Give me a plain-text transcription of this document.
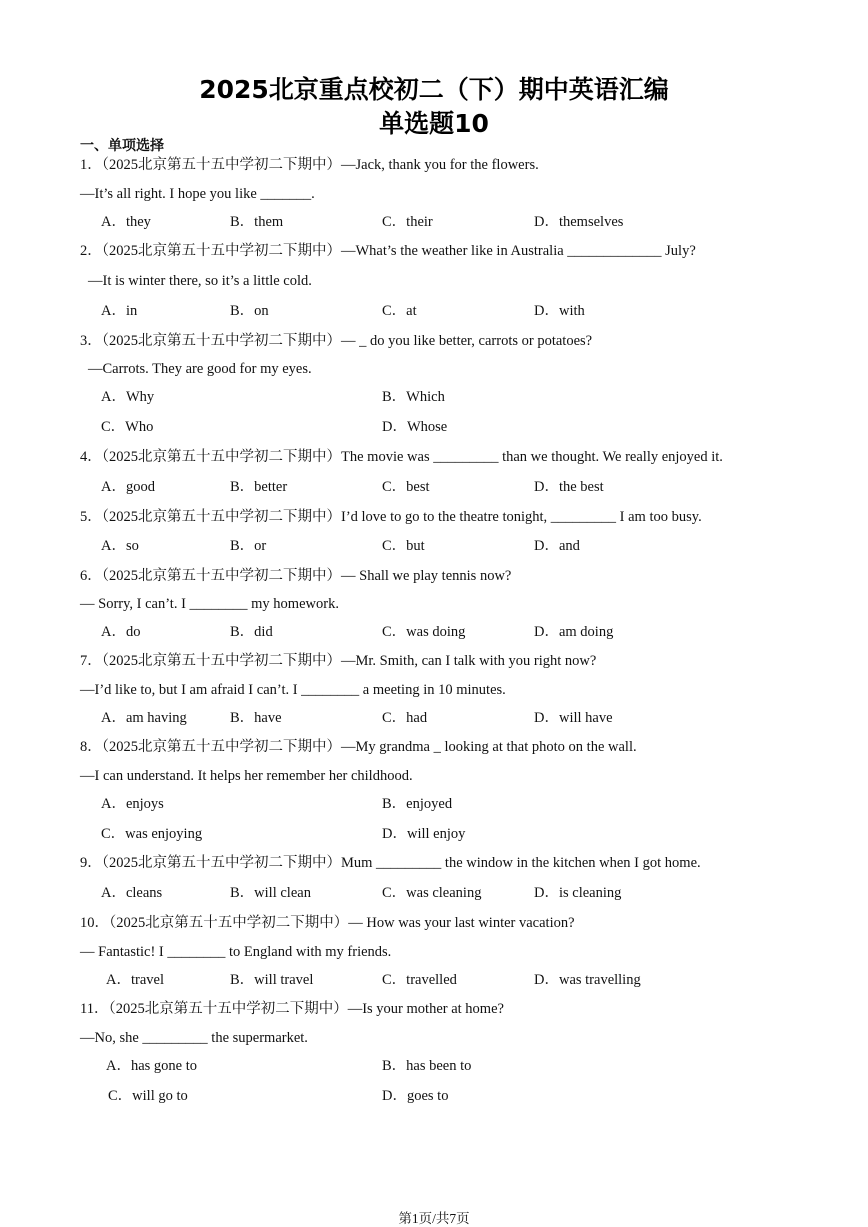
2025北京重点校初二（下）期中英语汇编
单选题10
一、单项选择
1．（2025北京第五十五中学初二下期中）—Jack, thank you for the flowers.
—It’s all right. I hope you like _______.
A．they	B．them	C．their	D．themselves
2．（2025北京第五十五中学初二下期中）—What’s the weather like in Australia _____________ July?
—It is winter there, so it’s a little cold.
A．in	B．on	C．at	D．with
3．（2025北京第五十五中学初二下期中）— _ do you like better, carrots or potatoes?
—Carrots. They are good for my eyes.
A．Why	B．Which
C．Who	D．Whose
4．（2025北京第五十五中学初二下期中）The movie was _________ than we thought. We really enjoyed it.
A．good	B．better	C．best	D．the best
5．（2025北京第五十五中学初二下期中）I’d love to go to the theatre tonight, _________ I am too busy.
A．so	B．or	C．but	D．and
6．（2025北京第五十五中学初二下期中）— Shall we play tennis now?
— Sorry, I can’t. I ________ my homework.
A．do	B．did	C．was doing	D．am doing
7．（2025北京第五十五中学初二下期中）—Mr. Smith, can I talk with you right now?
—I’d like to, but I am afraid I can’t. I ________ a meeting in 10 minutes.
A．am having	B．have	C．had	D．will have
8．（2025北京第五十五中学初二下期中）—My grandma _ looking at that photo on the wall.
—I can understand. It helps her remember her childhood.
A．enjoys	B．enjoyed
C．was enjoying	D．will enjoy
9．（2025北京第五十五中学初二下期中）Mum _________ the window in the kitchen when I got home.
A．cleans	B．will clean	C．was cleaning	D．is cleaning
10．（2025北京第五十五中学初二下期中）— How was your last winter vacation?
— Fantastic! I ________ to England with my friends.
A．travel	B．will travel	C．travelled	D．was travelling
11．（2025北京第五十五中学初二下期中）—Is your mother at home?
—No, she _________ the supermarket.
A．has gone to	B．has been to
C．will go to	D．goes to
第1页/共7页
